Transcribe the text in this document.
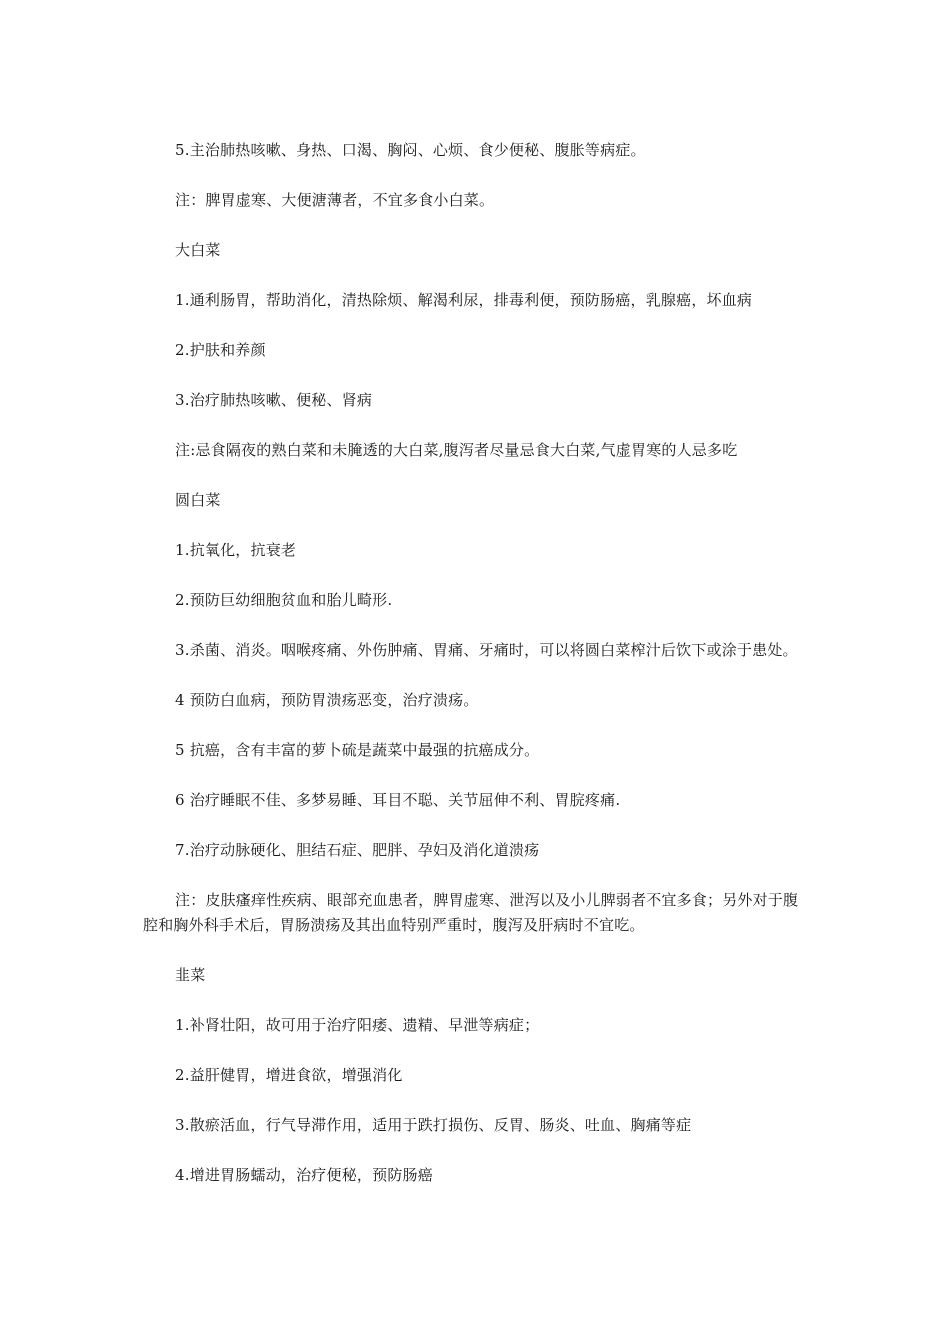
5.主治肺热咳嗽、身热、口渴、胸闷、心烦、食少便秘、腹胀等病症。

注：脾胃虚寒、大便溏薄者，不宜多食小白菜。

大白菜

1.通利肠胃，帮助消化，清热除烦、解渴利尿，排毒利便，预防肠癌，乳腺癌，坏血病

2.护肤和养颜

3.治疗肺热咳嗽、便秘、肾病

注:忌食隔夜的熟白菜和未腌透的大白菜,腹泻者尽量忌食大白菜,气虚胃寒的人忌多吃

圆白菜

1.抗氧化，抗衰老

2.预防巨幼细胞贫血和胎儿畸形.

3.杀菌、消炎。咽喉疼痛、外伤肿痛、胃痛、牙痛时，可以将圆白菜榨汁后饮下或涂于患处。

4 预防白血病，预防胃溃疡恶变，治疗溃疡。

5 抗癌，含有丰富的萝卜硫是蔬菜中最强的抗癌成分。

6 治疗睡眠不佳、多梦易睡、耳目不聪、关节屈伸不利、胃脘疼痛.

7.治疗动脉硬化、胆结石症、肥胖、孕妇及消化道溃疡

注：皮肤瘙痒性疾病、眼部充血患者，脾胃虚寒、泄泻以及小儿脾弱者不宜多食；另外对于腹腔和胸外科手术后，胃肠溃疡及其出血特别严重时，腹泻及肝病时不宜吃。

韭菜

1.补肾壮阳，故可用于治疗阳痿、遗精、早泄等病症；

2.益肝健胃，增进食欲，增强消化

3.散瘀活血，行气导滞作用，适用于跌打损伤、反胃、肠炎、吐血、胸痛等症

4.增进胃肠蠕动，治疗便秘，预防肠癌
